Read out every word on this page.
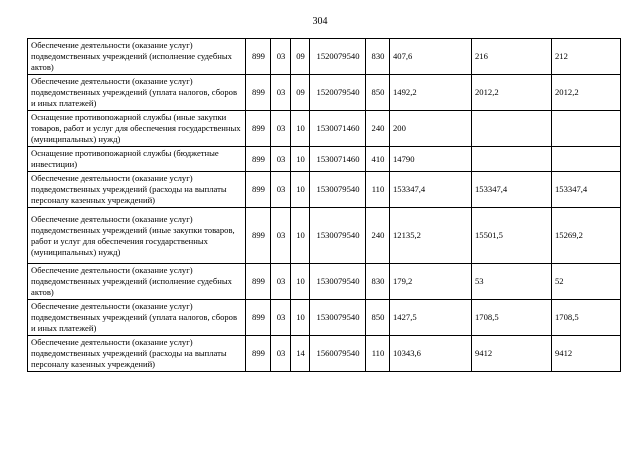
304
Обеспечение деятельности (оказание услуг) подведомственных учреждений (исполнение судебных актов)	899	03	09	1520079540	830	407,6	216	212
Обеспечение деятельности (оказание услуг) подведомственных учреждений (уплата налогов, сборов и иных платежей)	899	03	09	1520079540	850	1492,2	2012,2	2012,2
Оснащение противопожарной службы (иные закупки товаров, работ и услуг для обеспечения государственных (муниципальных) нужд)	899	03	10	1530071460	240	200		
Оснащение противопожарной службы (бюджетные инвестиции)	899	03	10	1530071460	410	14790		
Обеспечение деятельности (оказание услуг) подведомственных учреждений (расходы на выплаты персоналу казенных учреждений)	899	03	10	1530079540	110	153347,4	153347,4	153347,4
Обеспечение деятельности (оказание услуг) подведомственных учреждений (иные закупки товаров, работ и услуг для обеспечения государственных (муниципальных) нужд)	899	03	10	1530079540	240	12135,2	15501,5	15269,2
Обеспечение деятельности (оказание услуг) подведомственных учреждений (исполнение судебных актов)	899	03	10	1530079540	830	179,2	53	52
Обеспечение деятельности (оказание услуг) подведомственных учреждений (уплата налогов, сборов и иных платежей)	899	03	10	1530079540	850	1427,5	1708,5	1708,5
Обеспечение деятельности (оказание услуг) подведомственных учреждений (расходы на выплаты персоналу казенных учреждений)	899	03	14	1560079540	110	10343,6	9412	9412
